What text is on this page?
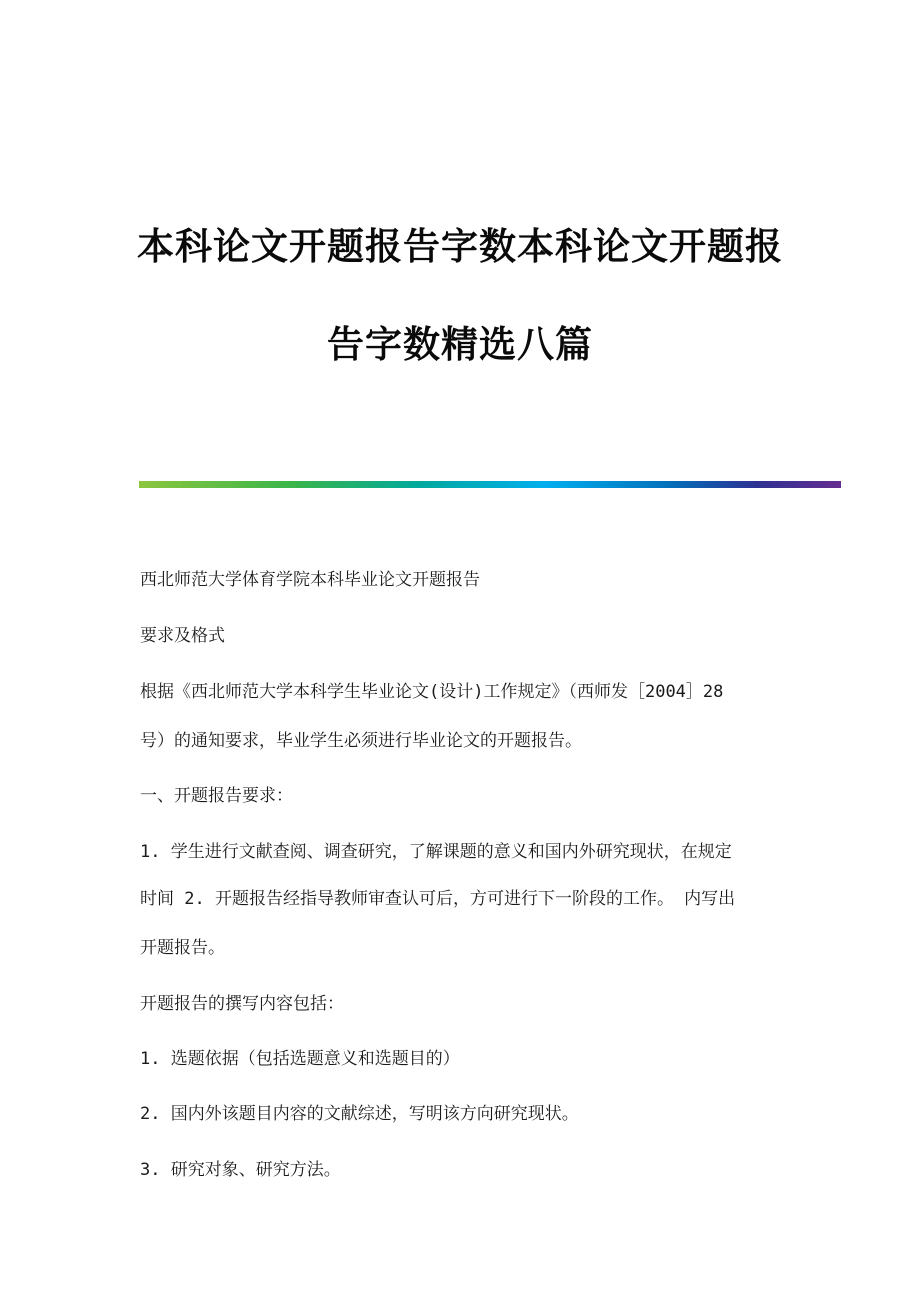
本科论文开题报告字数本科论文开题报
告字数精选八篇
西北师范大学体育学院本科毕业论文开题报告
要求及格式
根据《西北师范大学本科学生毕业论文(设计)工作规定》（西师发［2004］28
号）的通知要求，毕业学生必须进行毕业论文的开题报告。
一、开题报告要求：
1. 学生进行文献查阅、调查研究，了解课题的意义和国内外研究现状，在规定
时间 2. 开题报告经指导教师审查认可后，方可进行下一阶段的工作。 内写出
开题报告。
开题报告的撰写内容包括：
1. 选题依据（包括选题意义和选题目的）
2. 国内外该题目内容的文献综述，写明该方向研究现状。
3. 研究对象、研究方法。
